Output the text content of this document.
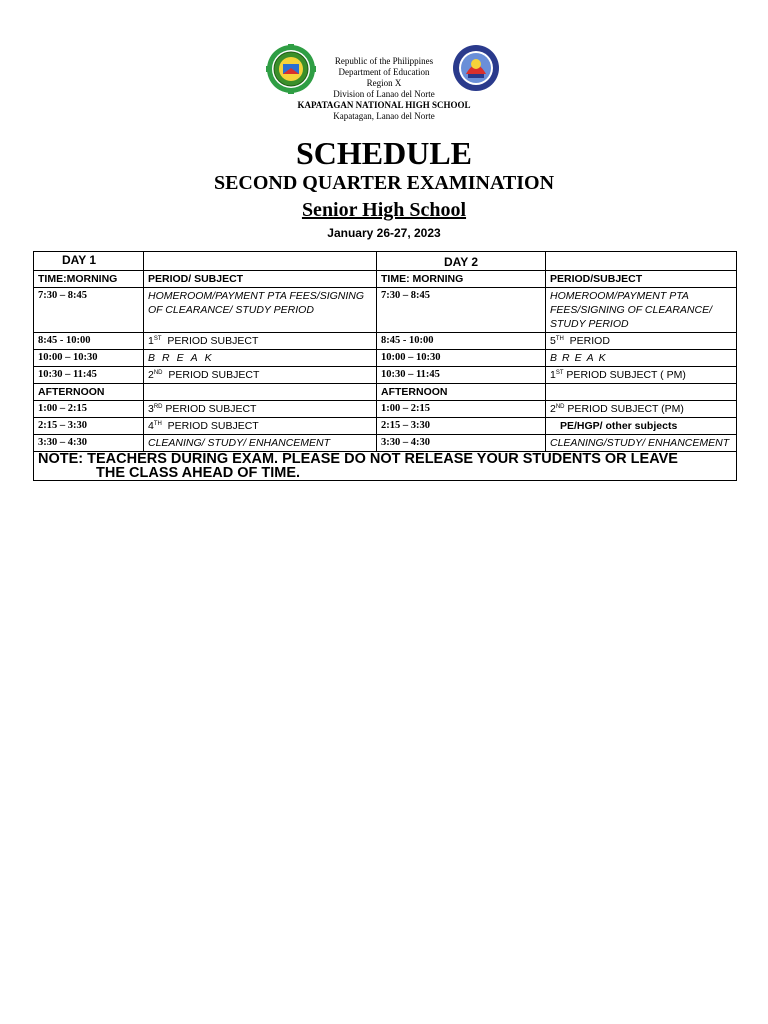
Republic of the Philippines
Department of Education
Region X
Division of Lanao del Norte
KAPATAGAN NATIONAL HIGH SCHOOL
Kapatagan, Lanao del Norte
SCHEDULE
SECOND QUARTER EXAMINATION
Senior High School
January 26-27, 2023
DAY 1		DAY 2	
TIME:MORNING	PERIOD/ SUBJECT	TIME: MORNING	PERIOD/SUBJECT
7:30 – 8:45	HOMEROOM/PAYMENT PTA FEES/SIGNING OF CLEARANCE/ STUDY PERIOD	7:30 – 8:45	HOMEROOM/PAYMENT PTA FEES/SIGNING OF CLEARANCE/ STUDY PERIOD
8:45 - 10:00	1ST  PERIOD SUBJECT	8:45 - 10:00	5TH  PERIOD
10:00 – 10:30	BREAK	10:00 – 10:30	BREAK
10:30 – 11:45	2ND  PERIOD SUBJECT	10:30 – 11:45	1ST PERIOD SUBJECT ( PM)
AFTERNOON		AFTERNOON	
1:00 – 2:15	3RD PERIOD SUBJECT	1:00 – 2:15	2ND PERIOD SUBJECT (PM)
2:15 – 3:30	4TH  PERIOD SUBJECT	2:15 – 3:30	PE/HGP/ other subjects
3:30 – 4:30	CLEANING/ STUDY/ ENHANCEMENT	3:30 – 4:30	CLEANING/STUDY/ ENHANCEMENT
NOTE: TEACHERS DURING EXAM. PLEASE DO NOT RELEASE YOUR STUDENTS OR LEAVE
THE CLASS AHEAD OF TIME.			
